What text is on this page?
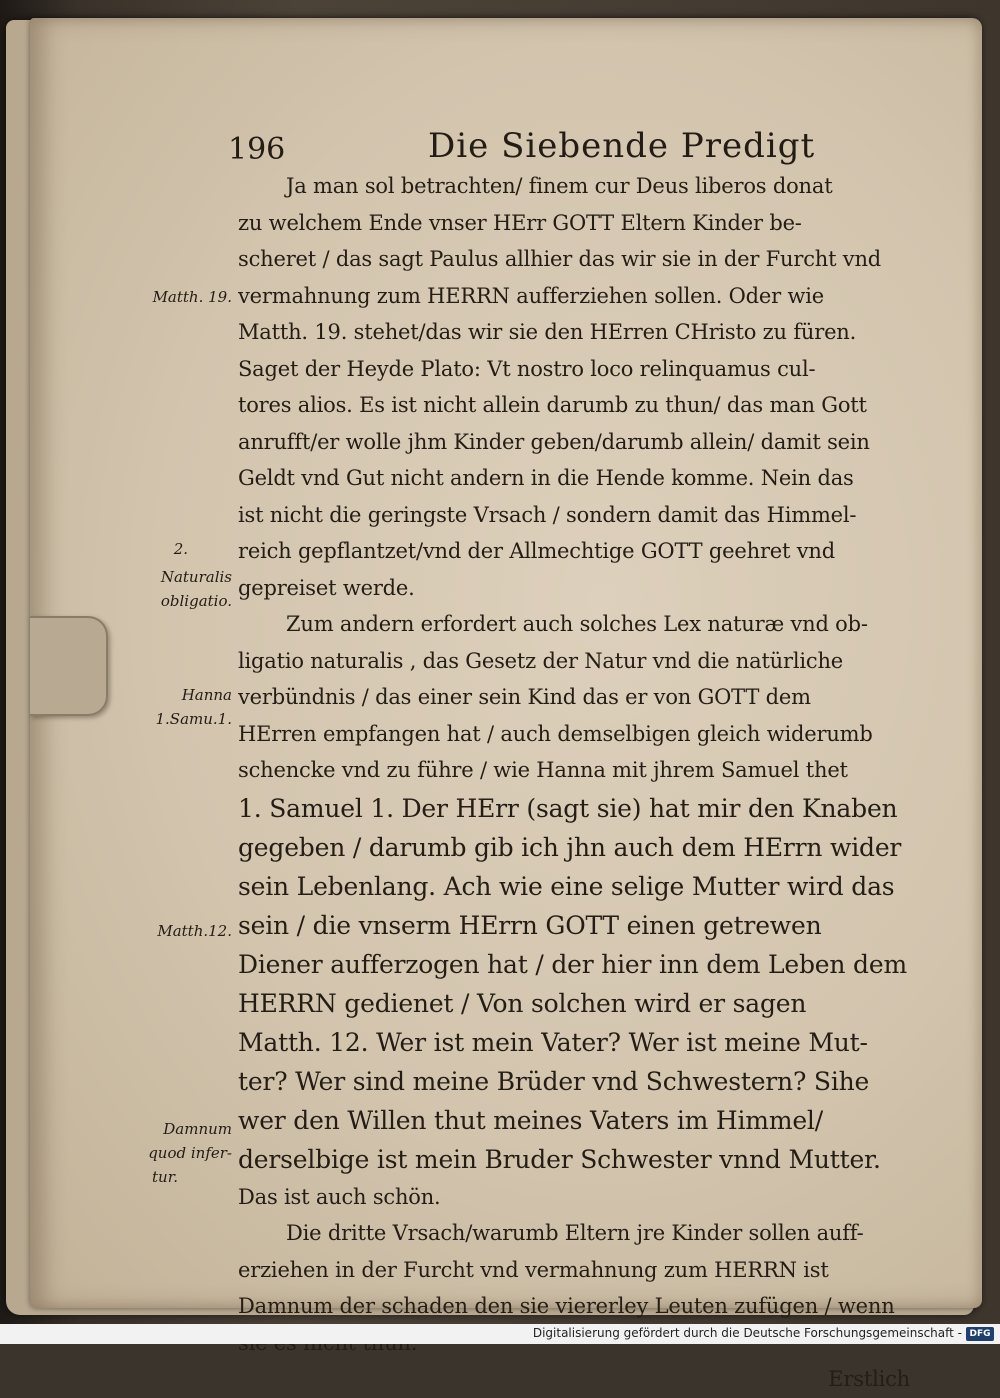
196	Die Siebende Predigt
Matth. 19.
2.
Naturalis
obligatio.
Hanna
1.Samu.1.
Matth.12.
Damnum
quod infer-
tur.
Ja man sol betrachten/ finem cur Deus liberos donat
zu welchem Ende vnser HErr GOTT Eltern Kinder be-
scheret / das sagt Paulus allhier das wir sie in der Furcht vnd
vermahnung zum HERRN aufferziehen sollen. Oder wie
Matth. 19. stehet/das wir sie den HErren CHristo zu füren.
Saget der Heyde Plato: Vt nostro loco relinquamus cul-
tores alios. Es ist nicht allein darumb zu thun/ das man Gott
anrufft/er wolle jhm Kinder geben/darumb allein/ damit sein
Geldt vnd Gut nicht andern in die Hende komme. Nein das
ist nicht die geringste Vrsach / sondern damit das Himmel-
reich gepflantzet/vnd der Allmechtige GOTT geehret vnd
gepreiset werde.
Zum andern erfordert auch solches Lex naturæ vnd ob-
ligatio naturalis , das Gesetz der Natur vnd die natürliche
verbündnis / das einer sein Kind das er von GOTT dem
HErren empfangen hat / auch demselbigen gleich widerumb
schencke vnd zu führe / wie Hanna mit jhrem Samuel thet
1. Samuel 1. Der HErr (sagt sie) hat mir den Knaben
gegeben / darumb gib ich jhn auch dem HErrn wider
sein Lebenlang. Ach wie eine selige Mutter wird das
sein / die vnserm HErrn GOTT einen getrewen
Diener aufferzogen hat / der hier inn dem Leben dem
HERRN gedienet / Von solchen wird er sagen
Matth. 12. Wer ist mein Vater? Wer ist meine Mut-
ter? Wer sind meine Brüder vnd Schwestern? Sihe
wer den Willen thut meines Vaters im Himmel/
derselbige ist mein Bruder Schwester vnnd Mutter.
Das ist auch schön.
Die dritte Vrsach/warumb Eltern jre Kinder sollen auff-
erziehen in der Furcht vnd vermahnung zum HERRN ist
Damnum der schaden den sie viererley Leuten zufügen / wenn
Erstlich
Digitalisierung gefördert durch die Deutsche Forschungsgemeinschaft - DFG
